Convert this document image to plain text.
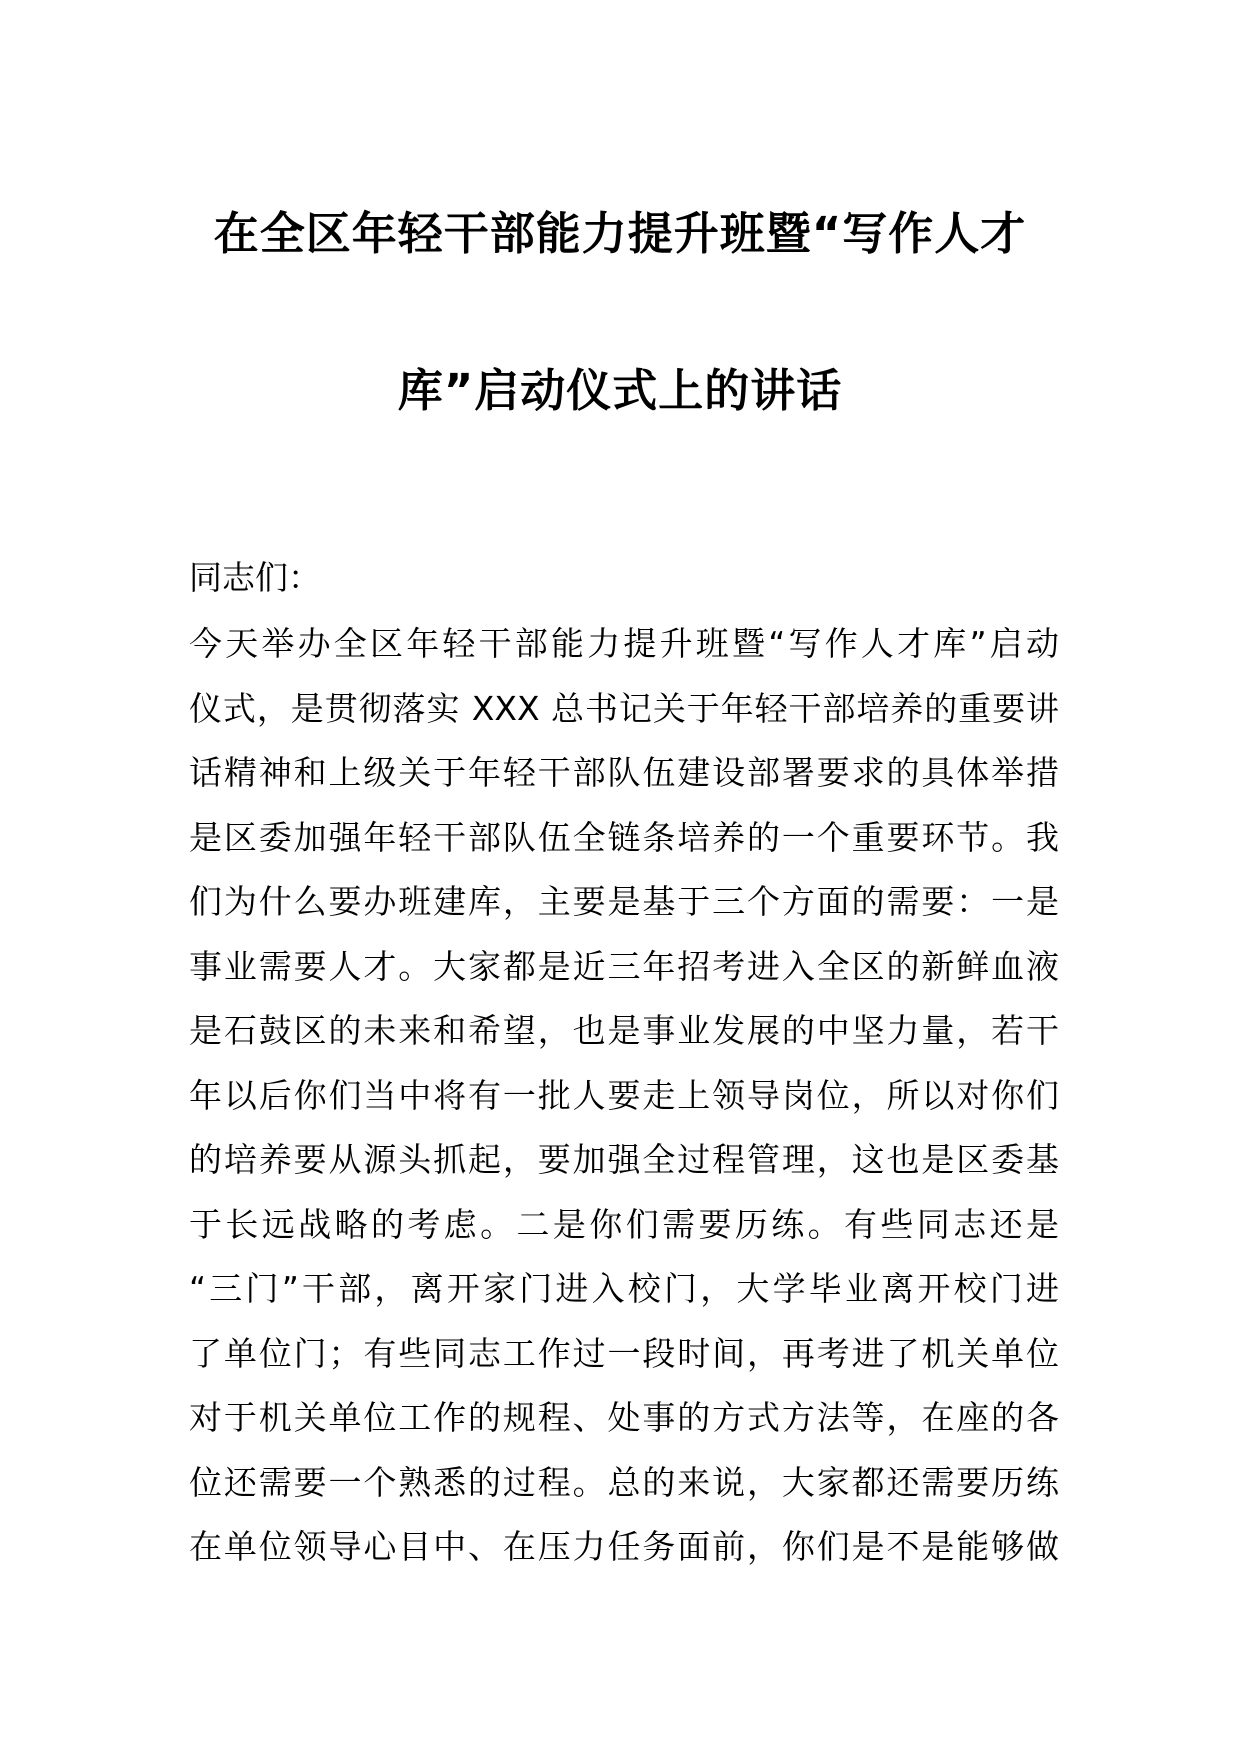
在全区年轻干部能力提升班暨“写作人才
库”启动仪式上的讲话
同志们：
今天举办全区年轻干部能力提升班暨“写作人才库”启动
仪式，是贯彻落实 XXX 总书记关于年轻干部培养的重要讲
话精神和上级关于年轻干部队伍建设部署要求的具体举措
是区委加强年轻干部队伍全链条培养的一个重要环节。我
们为什么要办班建库，主要是基于三个方面的需要：一是
事业需要人才。大家都是近三年招考进入全区的新鲜血液
是石鼓区的未来和希望，也是事业发展的中坚力量，若干
年以后你们当中将有一批人要走上领导岗位，所以对你们
的培养要从源头抓起，要加强全过程管理，这也是区委基
于长远战略的考虑。二是你们需要历练。有些同志还是
“三门”干部，离开家门进入校门，大学毕业离开校门进
了单位门；有些同志工作过一段时间，再考进了机关单位
对于机关单位工作的规程、处事的方式方法等，在座的各
位还需要一个熟悉的过程。总的来说，大家都还需要历练
在单位领导心目中、在压力任务面前，你们是不是能够做
